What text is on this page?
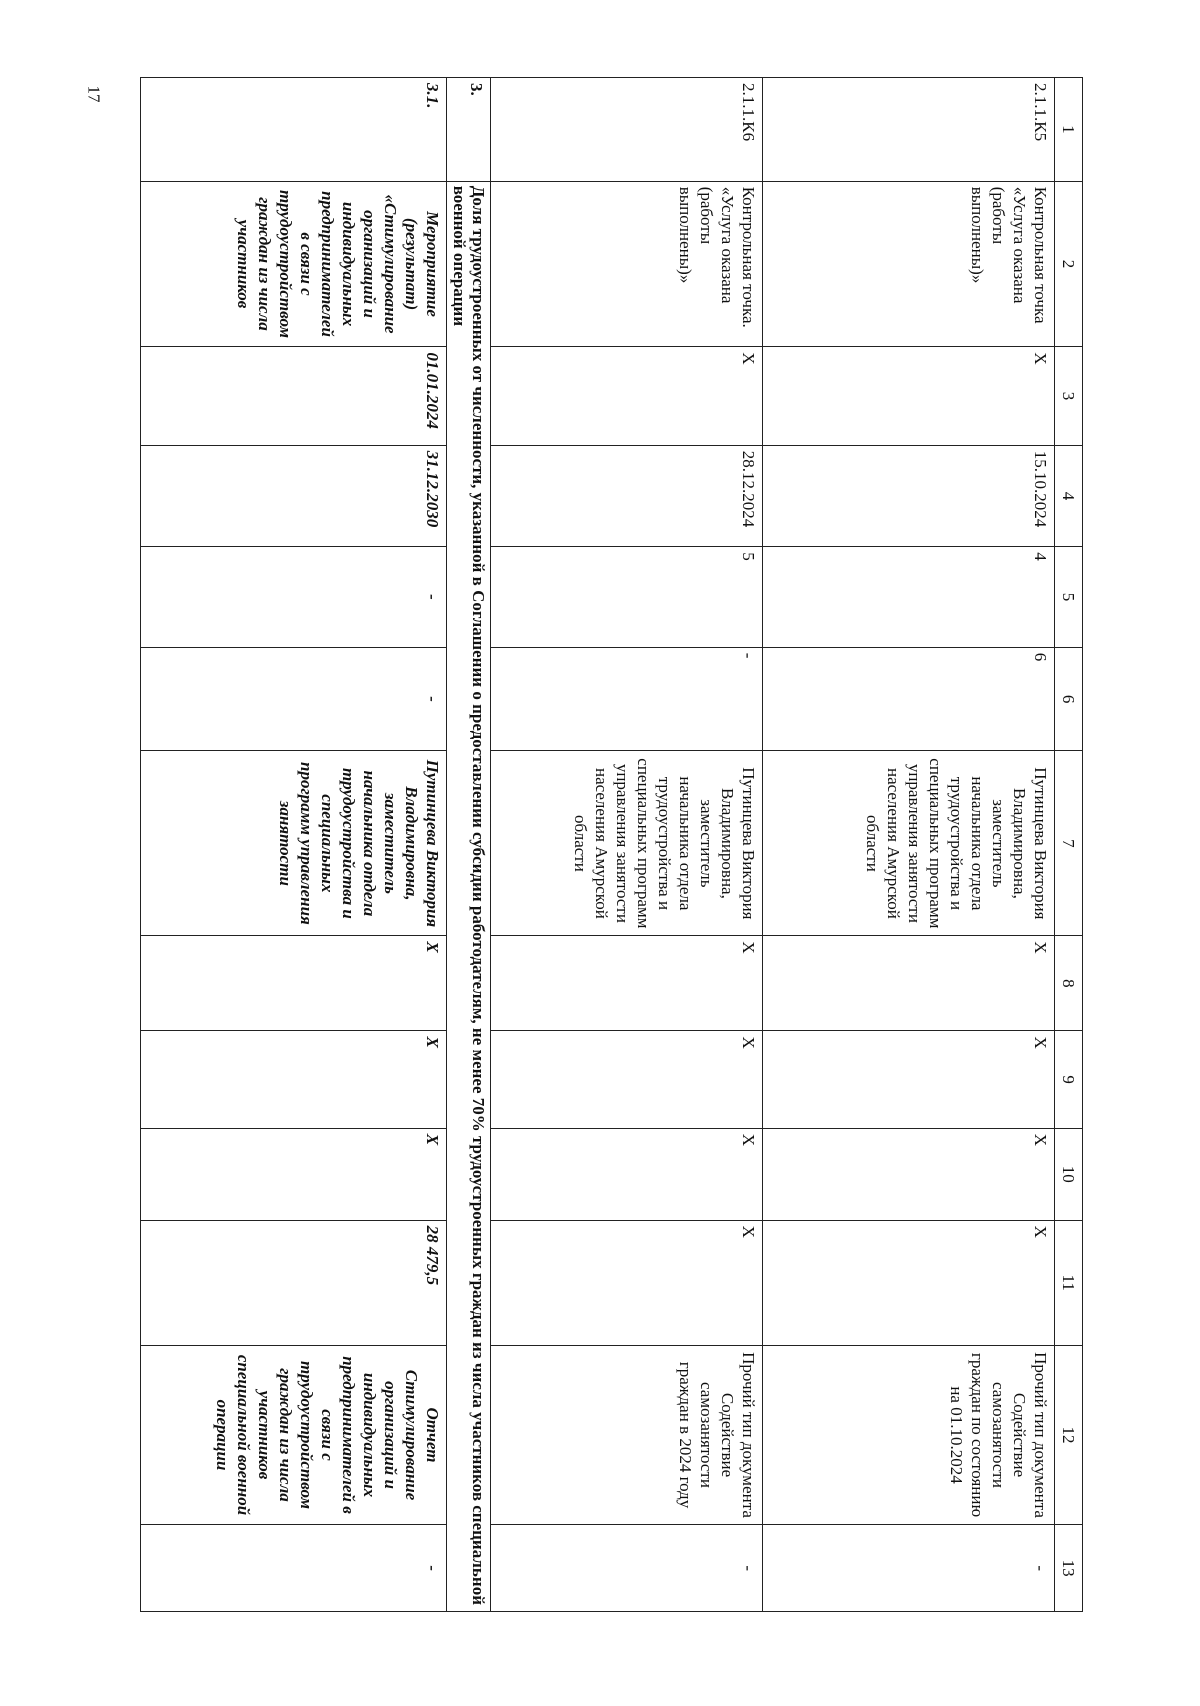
17
1	2	3	4	5	6	7	8	9	10	11	12	13
2.1.1.К5	Контрольная точка «Услуга оказана (работы выполнены)»	X	15.10.2024	4	6	Путинцева Виктория Владимировна, заместитель начальника отдела трудоустройства и специальных программ управления занятости населения Амурской области	X	X	X	X	Прочий тип документа Содействие самозанятости граждан по состоянию на 01.10.2024	-
2.1.1.К6	Контрольная точка. «Услуга оказана (работы выполнены)»	X	28.12.2024	5	-	Путинцева Виктория Владимировна, заместитель начальника отдела трудоустройства и специальных программ управления занятости населения Амурской области	X	X	X	X	Прочий тип документа Содействие самозанятости граждан в 2024 году	-
3.	Доля трудоустроенных от численности, указанной в Соглашении о предоставлении субсидии работодателям, не менее 70% трудоустроенных граждан из числа участников специальной военной операции											
3.1.	Мероприятие (результат) «Стимулирование организаций и индивидуальных предпринимателей в связи с трудоустройством граждан из числа участников	01.01.2024	31.12.2030	-	-	Путинцева Виктория Владимировна, заместитель начальника отдела трудоустройства и специальных программ управления занятости	X	X	X	28 479,5	Отчет Стимулирование организаций и индивидуальных предпринимателей в связи с трудоустройством граждан из числа участников специальной военной операции	-
